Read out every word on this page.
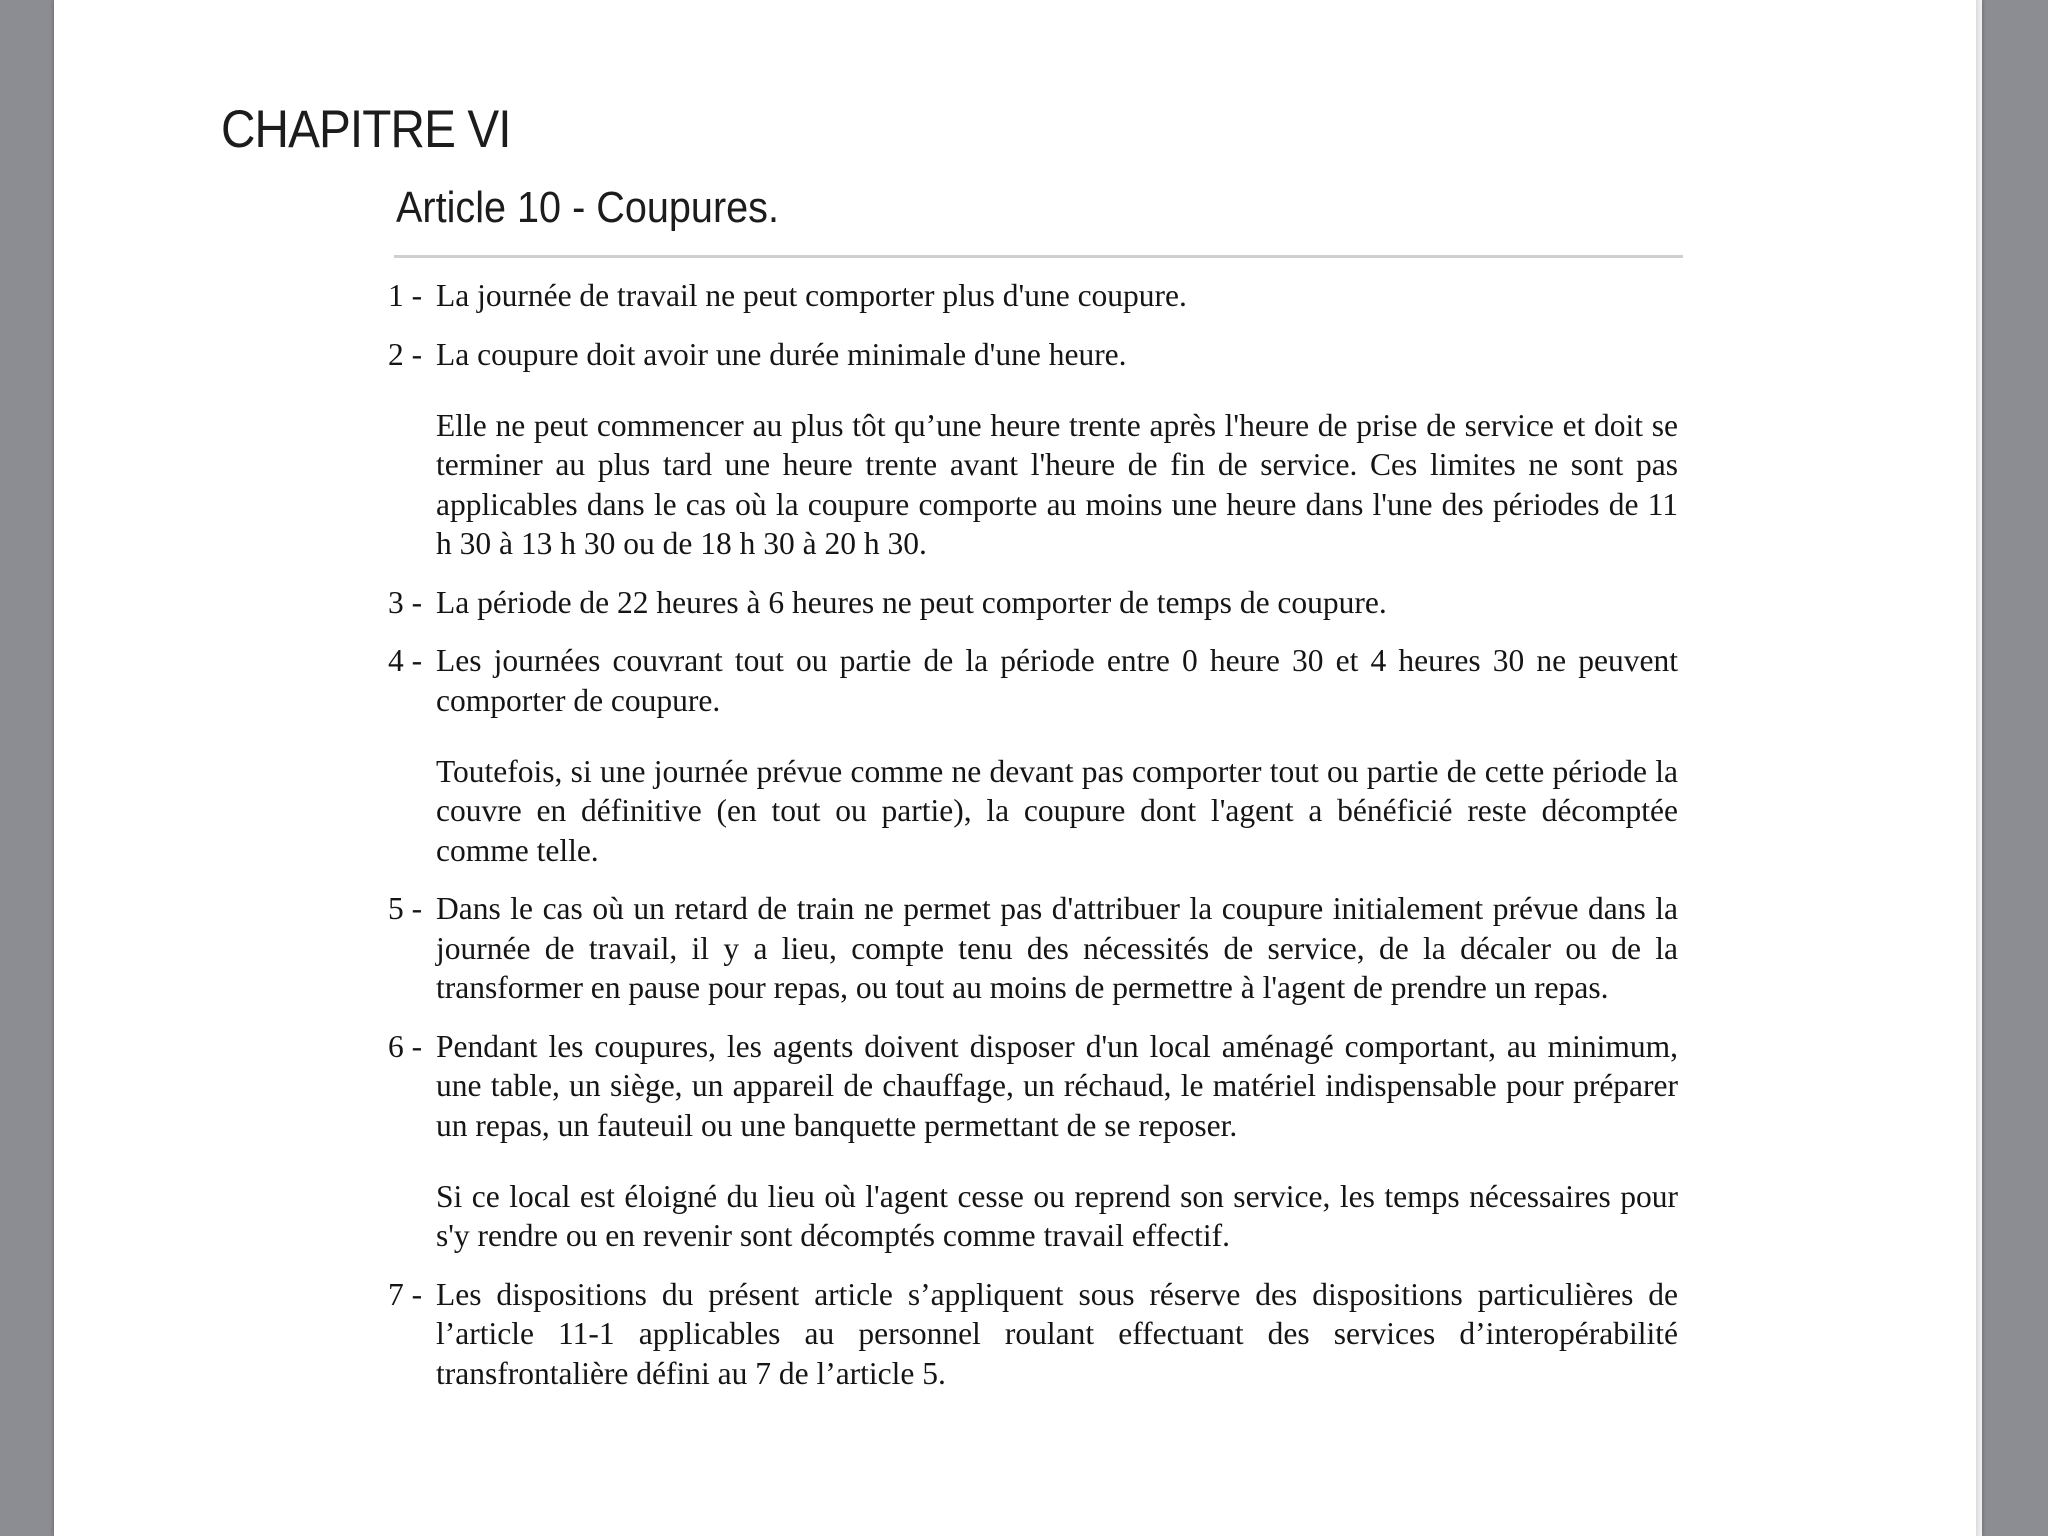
CHAPITRE VI
Article 10 - Coupures.
1 - La journée de travail ne peut comporter plus d'une coupure.

2 - La coupure doit avoir une durée minimale d'une heure.

Elle ne peut commencer au plus tôt qu’une heure trente après l'heure de prise de service et doit se terminer au plus tard une heure trente avant l'heure de fin de service. Ces limites ne sont pas applicables dans le cas où la coupure comporte au moins une heure dans l'une des périodes de 11 h 30 à 13 h 30 ou de 18 h 30 à 20 h 30.

3 - La période de 22 heures à 6 heures ne peut comporter de temps de coupure.

4 - Les journées couvrant tout ou partie de la période entre 0 heure 30 et 4 heures 30 ne peuvent comporter de coupure.

Toutefois, si une journée prévue comme ne devant pas comporter tout ou partie de cette période la couvre en définitive (en tout ou partie), la coupure dont l'agent a bénéficié reste décomptée comme telle.

5 - Dans le cas où un retard de train ne permet pas d'attribuer la coupure initialement prévue dans la journée de travail, il y a lieu, compte tenu des nécessités de service, de la décaler ou de la transformer en pause pour repas, ou tout au moins de permettre à l'agent de prendre un repas.

6 - Pendant les coupures, les agents doivent disposer d'un local aménagé comportant, au minimum, une table, un siège, un appareil de chauffage, un réchaud, le matériel indispensable pour préparer un repas, un fauteuil ou une banquette permettant de se reposer.

Si ce local est éloigné du lieu où l'agent cesse ou reprend son service, les temps nécessaires pour s'y rendre ou en revenir sont décomptés comme travail effectif.

7 - Les dispositions du présent article s’appliquent sous réserve des dispositions particulières de l’article 11-1 applicables au personnel roulant effectuant des services d’interopérabilité transfrontalière défini au 7 de l’article 5.
